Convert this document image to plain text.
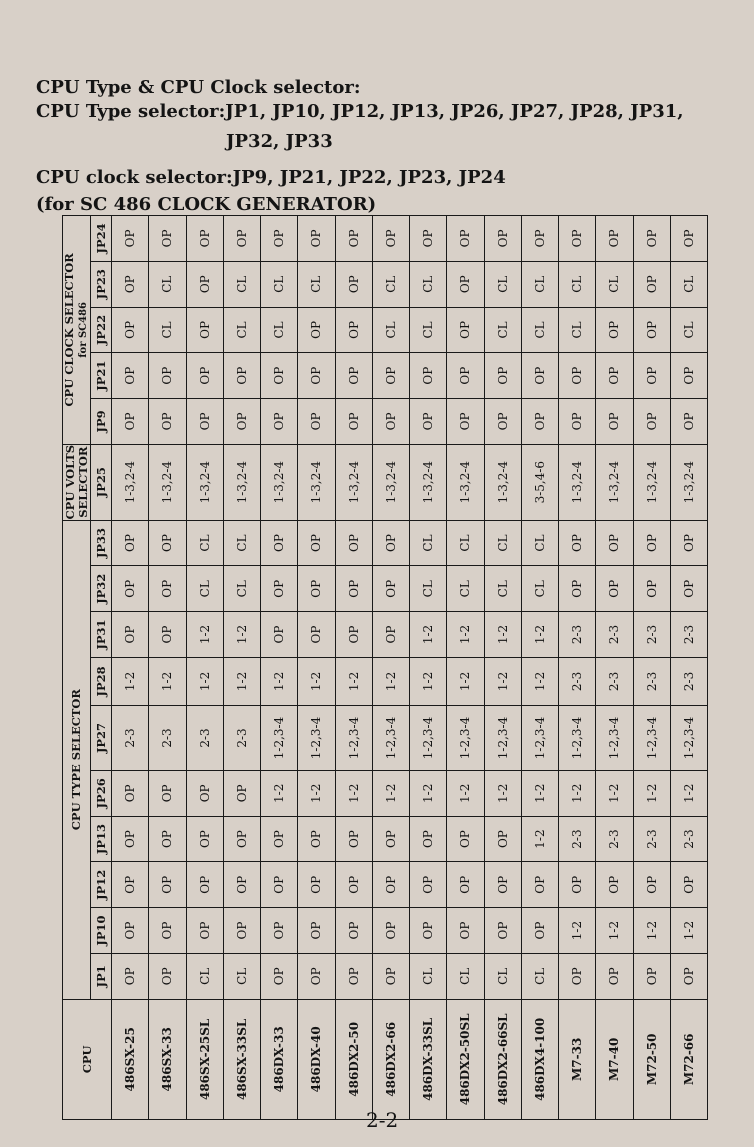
CPU Type & CPU Clock selector:
CPU Type selector:JP1, JP10, JP12, JP13, JP26, JP27, JP28, JP31,
JP32, JP33
CPU clock selector:JP9, JP21, JP22, JP23, JP24
(for SC 486 CLOCK GENERATOR)
CPU	CPU TYPE SELECTOR										CPU VOLTS
SELECTOR	CPU CLOCK SELECTOR for SC486				
	JP1	JP10	JP12	JP13	JP26	JP27	JP28	JP31	JP32	JP33	JP25	JP9	JP21	JP22	JP23	JP24
486SX-25	OP	OP	OP	OP	OP	2-3	1-2	OP	OP	OP	1-3,2-4	OP	OP	OP	OP	OP
486SX-33	OP	OP	OP	OP	OP	2-3	1-2	OP	OP	OP	1-3,2-4	OP	OP	CL	CL	OP
486SX-25SL	CL	OP	OP	OP	OP	2-3	1-2	1-2	CL	CL	1-3,2-4	OP	OP	OP	OP	OP
486SX-33SL	CL	OP	OP	OP	OP	2-3	1-2	1-2	CL	CL	1-3,2-4	OP	OP	CL	CL	OP
486DX-33	OP	OP	OP	OP	1-2	1-2,3-4	1-2	OP	OP	OP	1-3,2-4	OP	OP	CL	CL	OP
486DX-40	OP	OP	OP	OP	1-2	1-2,3-4	1-2	OP	OP	OP	1-3,2-4	OP	OP	OP	CL	OP
486DX2-50	OP	OP	OP	OP	1-2	1-2,3-4	1-2	OP	OP	OP	1-3,2-4	OP	OP	OP	OP	OP
486DX2-66	OP	OP	OP	OP	1-2	1-2,3-4	1-2	OP	OP	OP	1-3,2-4	OP	OP	CL	CL	OP
486DX-33SL	CL	OP	OP	OP	1-2	1-2,3-4	1-2	1-2	CL	CL	1-3,2-4	OP	OP	CL	CL	OP
486DX2-50SL	CL	OP	OP	OP	1-2	1-2,3-4	1-2	1-2	CL	CL	1-3,2-4	OP	OP	OP	OP	OP
486DX2-66SL	CL	OP	OP	OP	1-2	1-2,3-4	1-2	1-2	CL	CL	1-3,2-4	OP	OP	CL	CL	OP
486DX4-100	CL	OP	OP	1-2	1-2	1-2,3-4	1-2	1-2	CL	CL	3-5,4-6	OP	OP	CL	CL	OP
M7-33	OP	1-2	OP	2-3	1-2	1-2,3-4	2-3	2-3	OP	OP	1-3,2-4	OP	OP	CL	CL	OP
M7-40	OP	1-2	OP	2-3	1-2	1-2,3-4	2-3	2-3	OP	OP	1-3,2-4	OP	OP	OP	CL	OP
M72-50	OP	1-2	OP	2-3	1-2	1-2,3-4	2-3	2-3	OP	OP	1-3,2-4	OP	OP	OP	OP	OP
M72-66	OP	1-2	OP	2-3	1-2	1-2,3-4	2-3	2-3	OP	OP	1-3,2-4	OP	OP	CL	CL	OP
2-2
